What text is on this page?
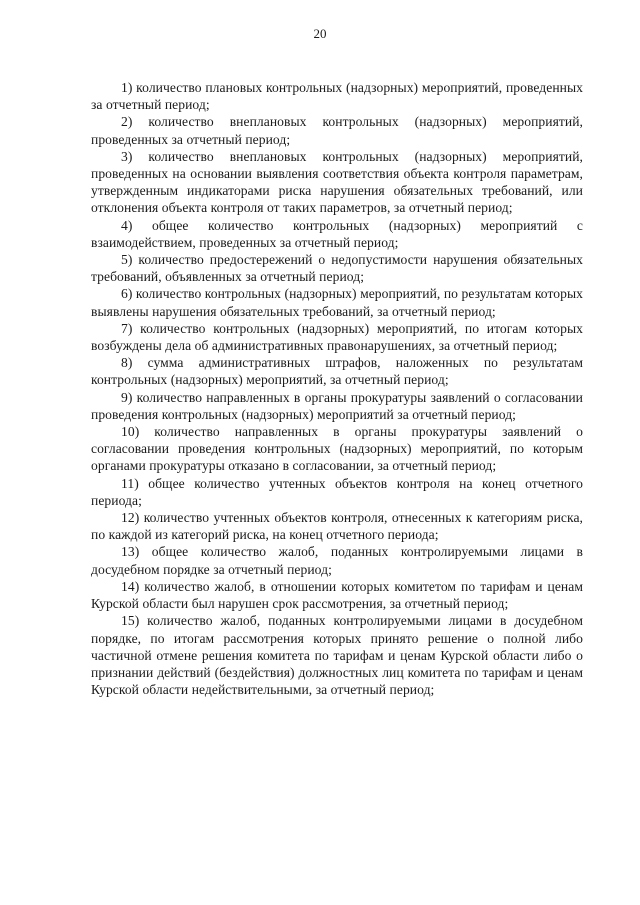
20

1) количество плановых контрольных (надзорных) мероприятий, проведенных за отчетный период;

2) количество внеплановых контрольных (надзорных) мероприятий, проведенных за отчетный период;

3) количество внеплановых контрольных (надзорных) мероприятий, проведенных на основании выявления соответствия объекта контроля параметрам, утвержденным индикаторами риска нарушения обязательных требований, или отклонения объекта контроля от таких параметров, за отчетный период;

4) общее количество контрольных (надзорных) мероприятий с взаимодействием, проведенных за отчетный период;

5) количество предостережений о недопустимости нарушения обязательных требований, объявленных за отчетный период;

6) количество контрольных (надзорных) мероприятий, по результатам которых выявлены нарушения обязательных требований, за отчетный период;

7) количество контрольных (надзорных) мероприятий, по итогам которых возбуждены дела об административных правонарушениях, за отчетный период;

8) сумма административных штрафов, наложенных по результатам контрольных (надзорных) мероприятий, за отчетный период;

9) количество направленных в органы прокуратуры заявлений о согласовании проведения контрольных (надзорных) мероприятий за отчетный период;

10) количество направленных в органы прокуратуры заявлений о согласовании проведения контрольных (надзорных) мероприятий, по которым органами прокуратуры отказано в согласовании, за отчетный период;

11) общее количество учтенных объектов контроля на конец отчетного периода;

12) количество учтенных объектов контроля, отнесенных к категориям риска, по каждой из категорий риска, на конец отчетного периода;

13) общее количество жалоб, поданных контролируемыми лицами в досудебном порядке за отчетный период;

14) количество жалоб, в отношении которых комитетом по тарифам и ценам Курской области был нарушен срок рассмотрения, за отчетный период;

15) количество жалоб, поданных контролируемыми лицами в досудебном порядке, по итогам рассмотрения которых принято решение о полной либо частичной отмене решения комитета по тарифам и ценам Курской области либо о признании действий (бездействия) должностных лиц комитета по тарифам и ценам Курской области недействительными, за отчетный период;
